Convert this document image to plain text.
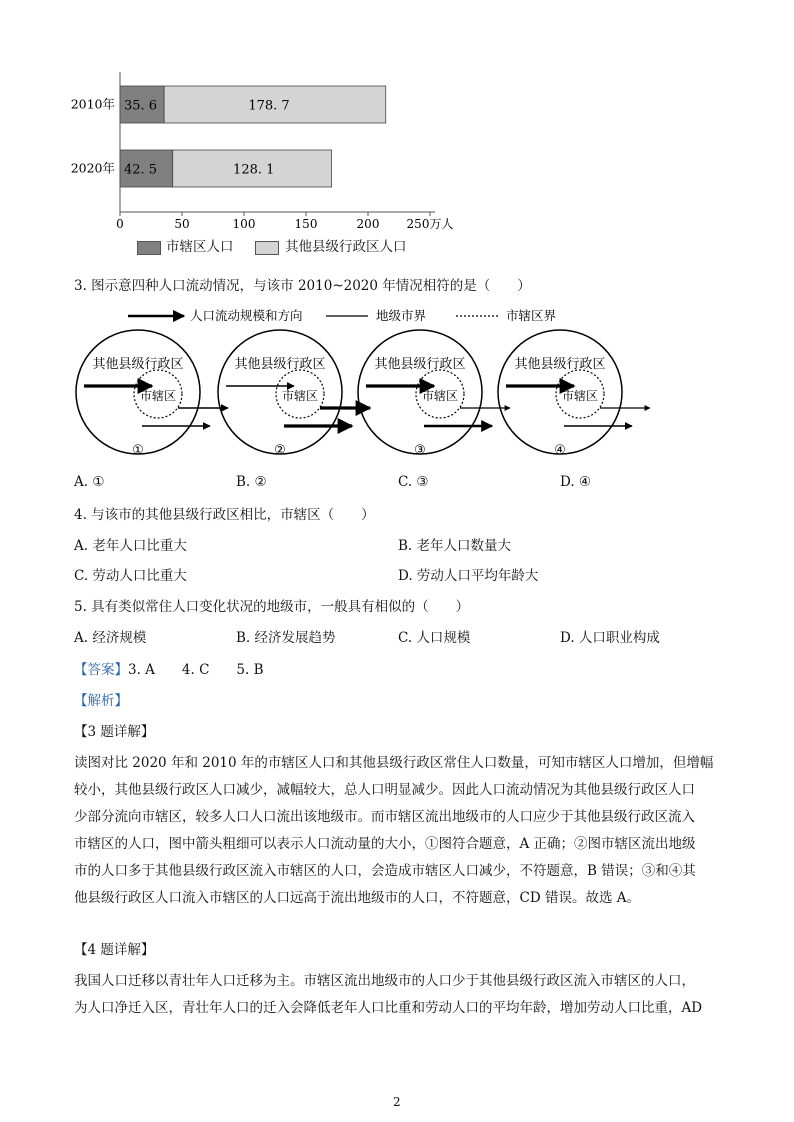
0	50	100	150	200 250万人
2010年 35. 6	178. 7
2020年 42. 5	128. 1
市辖区人口	其他县级行政区人口
3. 图示意四种人口流动情况，与该市 2010~2020 年情况相符的是（　　）
人口流动规模和方向	地级市界	市辖区界
其他县级行政区
市辖区
①
其他县级行政区
市辖区
②
其他县级行政区
市辖区
③
其他县级行政区
市辖区
④
A. ①	B. ②	C. ③	D. ④
4. 与该市的其他县级行政区相比，市辖区（　　）
A. 老年人口比重大	B. 老年人口数量大
C. 劳动人口比重大	D. 劳动人口平均年龄大
5. 具有类似常住人口变化状况的地级市，一般具有相似的（　　）
A. 经济规模	B. 经济发展趋势	C. 人口规模	D. 人口职业构成
【答案】3. A　　4. C　　5. B
【解析】
【3 题详解】
读图对比 2020 年和 2010 年的市辖区人口和其他县级行政区常住人口数量，可知市辖区人口增加，但增幅
较小，其他县级行政区人口减少，减幅较大，总人口明显减少。因此人口流动情况为其他县级行政区人口
少部分流向市辖区，较多人口人口流出该地级市。而市辖区流出地级市的人口应少于其他县级行政区流入
市辖区的人口，图中箭头粗细可以表示人口流动量的大小，①图符合题意，A 正确；②图市辖区流出地级
市的人口多于其他县级行政区流入市辖区的人口，会造成市辖区人口减少，不符题意，B 错误；③和④其
他县级行政区人口流入市辖区的人口远高于流出地级市的人口，不符题意，CD 错误。故选 A。
【4 题详解】
我国人口迁移以青壮年人口迁移为主。市辖区流出地级市的人口少于其他县级行政区流入市辖区的人口，
为人口净迁入区，青壮年人口的迁入会降低老年人口比重和劳动人口的平均年龄，增加劳动人口比重，AD
2
